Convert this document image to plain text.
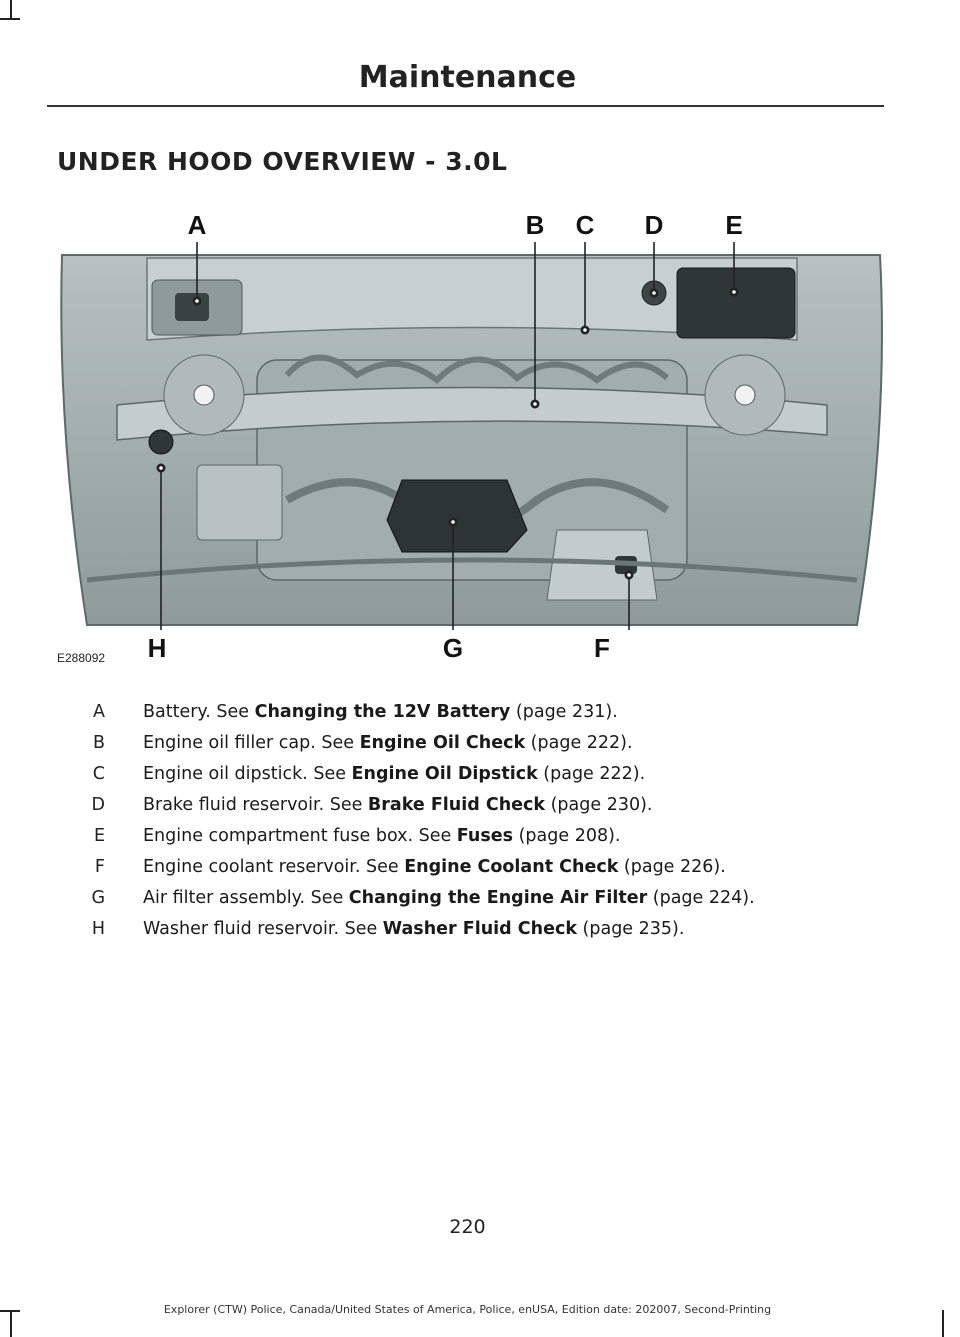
Maintenance
UNDER HOOD OVERVIEW - 3.0L
A	B C D E
H	G	F
E288092
A Battery. See Changing the 12V Battery (page 231).
B Engine oil filler cap. See Engine Oil Check (page 222).
C Engine oil dipstick. See Engine Oil Dipstick (page 222).
D Brake fluid reservoir. See Brake Fluid Check (page 230).
E Engine compartment fuse box. See Fuses (page 208).
F Engine coolant reservoir. See Engine Coolant Check (page 226).
G Air filter assembly. See Changing the Engine Air Filter (page 224).
H Washer fluid reservoir. See Washer Fluid Check (page 235).
220
Explorer (CTW) Police, Canada/United States of America, Police, enUSA, Edition date: 202007, Second-Printing
